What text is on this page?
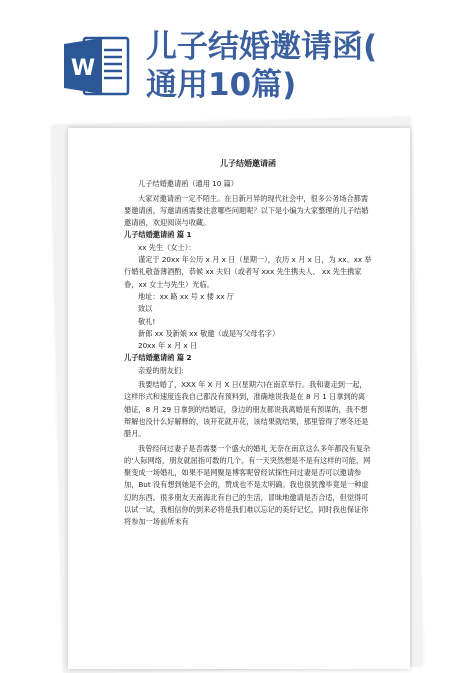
W
儿子结婚邀请函(
通用10篇)
儿子结婚邀请函

儿子结婚邀请函（通用 10 篇）

大家对邀请函一定不陌生。在日新月异的现代社会中，很多公务场合都需要邀请函，写邀请函需要注意哪些问题呢？以下是小编为大家整理的儿子结婚邀请函，欢迎阅读与收藏。

儿子结婚邀请函 篇 1

xx 先生（女士）：

谨定于 20xx 年公历 x 月 x 日（星期一），农历 x 月 x 日，为 xx、xx 举行婚礼敬备薄酒酌，恭候 xx 夫妇（或者写 xxx 先生携夫人、 xx 先生携家眷，xx 女士与先生）光临。

地址：xx 路 xx 号 x 楼 xx 厅

致以

敬礼!

新郎 xx 及新娘 xx 敬邀（或是写父母名字）

20xx 年 x 月 x 日

儿子结婚邀请函 篇 2

亲爱的朋友们:

我要结婚了，XXX 年 X 月 X 日(星期六)在南京举行。我和妻走到一起，这样形式和速度连我自己都没有预料到，准确地说我是在 8 月 1 日拿到的离婚证，8 月 29 日拿到的结婚证，身边的朋友都说我离婚是有预谋的，我不想辩解也没什么好解释的，该开花就开花，该结果就结果，那里管得了寒冬还是腊月。

我曾经问过妻子是否需要一个盛大的婚礼 无奈在南京这么多年都没有复杂的'人际网络，朋友就屈指可数的几个。有一天突然想是不是有这样的可能，网聚变成一场婚礼，如果不是网聚是博客呢曾经试探性问过妻是否可以邀请参加，But 没有想到她是不会的，赞成也不是太明确。我也很犹豫毕竟是一种虚幻的东西。很多朋友天南海北有自己的生活，冒昧地邀请是否合适，但觉得可以试一试，我相信你的到来必将是我们难以忘记的美好记忆，同时我也保证你将参加一场前所未有
